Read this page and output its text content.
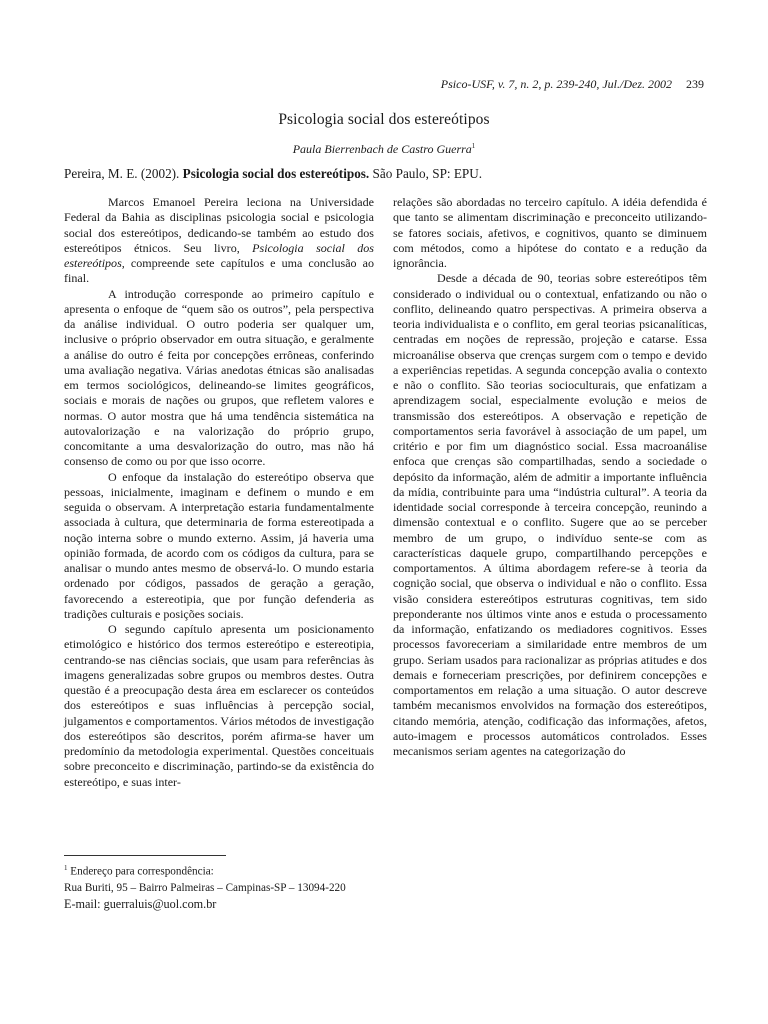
Psico-USF, v. 7, n. 2, p. 239-240, Jul./Dez. 2002 239
Psicologia social dos estereótipos
Paula Bierrenbach de Castro Guerra$^1$
Pereira, M. E. (2002). Psicologia social dos estereótipos. São Paulo, SP: EPU.

Marcos Emanoel Pereira leciona na Universidade Federal da Bahia as disciplinas psicologia social e psicologia social dos estereótipos, dedicando-se também ao estudo dos estereótipos étnicos. Seu livro, Psicologia social dos estereótipos, compreende sete capítulos e uma conclusão ao final.

A introdução corresponde ao primeiro capítulo e apresenta o enfoque de “quem são os outros”, pela perspectiva da análise individual. O outro poderia ser qualquer um, inclusive o próprio observador em outra situação, e geralmente a análise do outro é feita por concepções errôneas, conferindo uma avaliação negativa. Várias anedotas étnicas são analisadas em termos sociológicos, delineando-se limites geográficos, sociais e morais de nações ou grupos, que refletem valores e normas. O autor mostra que há uma tendência sistemática na autovalorização e na valorização do próprio grupo, concomitante a uma desvalorização do outro, mas não há consenso de como ou por que isso ocorre.

O enfoque da instalação do estereótipo observa que pessoas, inicialmente, imaginam e definem o mundo e em seguida o observam. A interpretação estaria fundamentalmente associada à cultura, que determinaria de forma estereotipada a noção interna sobre o mundo externo. Assim, já haveria uma opinião formada, de acordo com os códigos da cultura, para se analisar o mundo antes mesmo de observá-lo. O mundo estaria ordenado por códigos, passados de geração a geração, favorecendo a estereotipia, que por função defenderia as tradições culturais e posições sociais.

O segundo capítulo apresenta um posicionamento etimológico e histórico dos termos estereótipo e estereotipia, centrando-se nas ciências sociais, que usam para referências às imagens generalizadas sobre grupos ou membros destes. Outra questão é a preocupação desta área em esclarecer os conteúdos dos estereótipos e suas influências à percepção social, julgamentos e comportamentos. Vários métodos de investigação dos estereótipos são descritos, porém afirma-se haver um predomínio da metodologia experimental. Questões conceituais sobre preconceito e discriminação, partindo-se da existência do estereótipo, e suas inter-

relações são abordadas no terceiro capítulo. A idéia defendida é que tanto se alimentam discriminação e preconceito utilizando-se fatores sociais, afetivos, e cognitivos, quanto se diminuem com métodos, como a hipótese do contato e a redução da ignorância.

Desde a década de 90, teorias sobre estereótipos têm considerado o individual ou o contextual, enfatizando ou não o conflito, delineando quatro perspectivas. A primeira observa a teoria individualista e o conflito, em geral teorias psicanalíticas, centradas em noções de repressão, projeção e catarse. Essa microanálise observa que crenças surgem com o tempo e devido a experiências repetidas. A segunda concepção avalia o contexto e não o conflito. São teorias socioculturais, que enfatizam a aprendizagem social, especialmente evolução e meios de transmissão dos estereótipos. A observação e repetição de comportamentos seria favorável à associação de um papel, um critério e por fim um diagnóstico social. Essa macroanálise enfoca que crenças são compartilhadas, sendo a sociedade o depósito da informação, além de admitir a importante influência da mídia, contribuinte para uma “indústria cultural”. A teoria da identidade social corresponde à terceira concepção, reunindo a dimensão contextual e o conflito. Sugere que ao se perceber membro de um grupo, o indivíduo sente-se com as características daquele grupo, compartilhando percepções e comportamentos. A última abordagem refere-se à teoria da cognição social, que observa o individual e não o conflito. Essa visão considera estereótipos estruturas cognitivas, tem sido preponderante nos últimos vinte anos e estuda o processamento da informação, enfatizando os mediadores cognitivos. Esses processos favoreceriam a similaridade entre membros de um grupo. Seriam usados para racionalizar as próprias atitudes e dos demais e forneceriam prescrições, por definirem concepções e comportamentos em relação a uma situação. O autor descreve também mecanismos envolvidos na formação dos estereótipos, citando memória, atenção, codificação das informações, afetos, auto-imagem e processos automáticos controlados. Esses mecanismos seriam agentes na categorização do

$^1$ Endereço para correspondência:
Rua Buriti, 95 – Bairro Palmeiras – Campinas-SP – 13094-220
E-mail: guerraluis@uol.com.br
